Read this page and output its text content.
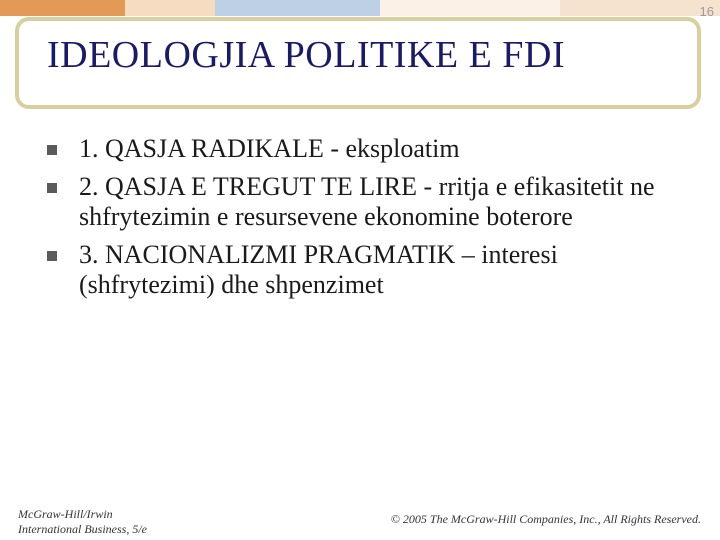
16
IDEOLOGJIA POLITIKE E FDI
1. QASJA RADIKALE - eksploatim
2. QASJA E TREGUT TE LIRE - rritja e efikasitetit ne shfrytezimin e resursevene ekonomine boterore
3. NACIONALIZMI PRAGMATIK – interesi (shfrytezimi) dhe shpenzimet
McGraw-Hill/Irwin
International Business, 5/e
© 2005 The McGraw-Hill Companies, Inc., All Rights Reserved.
